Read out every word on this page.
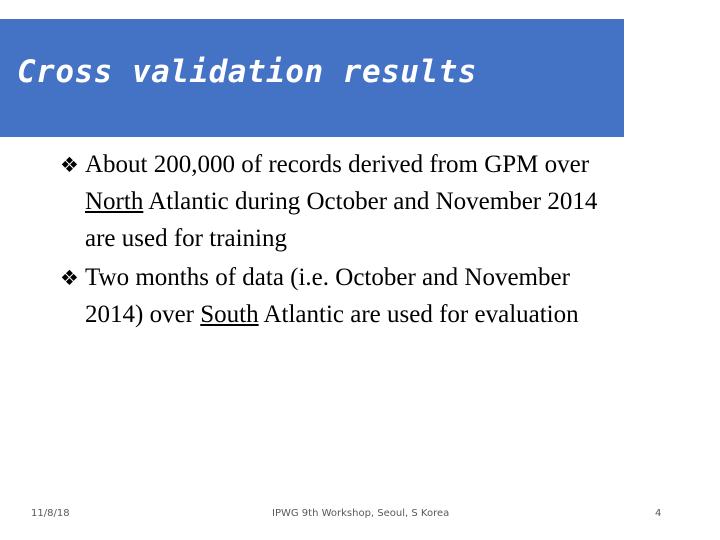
Cross validation results
❖ About 200,000 of records derived from GPM over
North Atlantic during October and November 2014
are used for training
❖ Two months of data (i.e. October and November
2014) over South Atlantic are used for evaluation
11/8/18	IPWG 9th Workshop, Seoul, S Korea	4
